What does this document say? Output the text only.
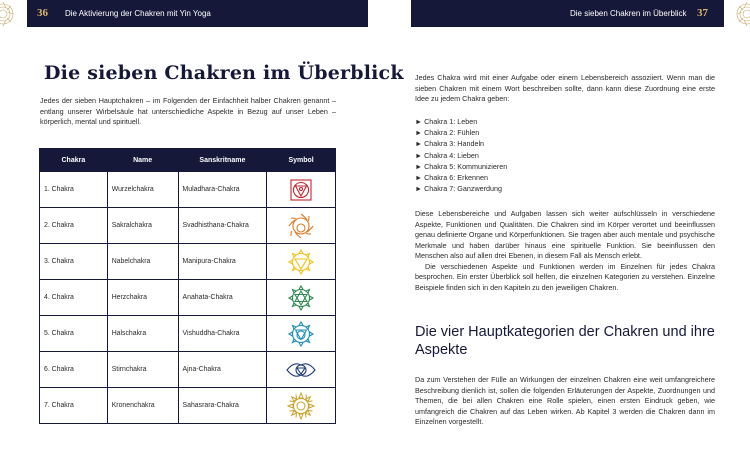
36 Die Aktivierung der Chakren mit Yin Yoga	Die sieben Chakren im Überblick 37
Die sieben Chakren im Überblick

Jedes der sieben Hauptchakren – im Folgenden der Einfachheit halber Chakren genannt – entlang unserer Wirbelsäule hat unterschiedliche Aspekte in Bezug auf unser Leben – körperlich, mental und spirituell.

Chakra	Name	Sanskritname	Symbol
1. Chakra	Wurzelchakra	Muladhara-Chakra	

2. Chakra	Sakralchakra	Svadhisthana-Chakra	

3. Chakra	Nabelchakra	Manipura-Chakra	

4. Chakra	Herzchakra	Anahata-Chakra	

5. Chakra	Halschakra	Vishuddha-Chakra	

6. Chakra	Stirnchakra	Ajna-Chakra	

7. Chakra	Kronenchakra	Sahasrara-Chakra	

Jedes Chakra wird mit einer Aufgabe oder einem Lebensbereich assoziiert. Wenn man die sieben Chakren mit einem Wort beschreiben sollte, dann kann diese Zuordnung eine erste Idee zu jedem Chakra geben:

► Chakra 1: Leben
► Chakra 2: Fühlen
► Chakra 3: Handeln
► Chakra 4: Lieben
► Chakra 5: Kommunizieren
► Chakra 6: Erkennen
► Chakra 7: Ganzwerdung

Diese Lebensbereiche und Aufgaben lassen sich weiter aufschlüsseln in verschiedene Aspekte, Funktionen und Qualitäten. Die Chakren sind im Körper verortet und beeinflussen genau definierte Organe und Körperfunktionen. Sie tragen aber auch mentale und psychische Merkmale und haben darüber hinaus eine spirituelle Funktion. Sie beeinflussen den Menschen also auf allen drei Ebenen, in diesem Fall als Mensch erlebt.

Die verschiedenen Aspekte und Funktionen werden im Einzelnen für jedes Chakra besprochen. Ein erster Überblick soll helfen, die einzelnen Kategorien zu verstehen. Einzelne Beispiele finden sich in den Kapiteln zu den jeweiligen Chakren.

Die vier Hauptkategorien der Chakren und ihre Aspekte

Da zum Verstehen der Fülle an Wirkungen der einzelnen Chakren eine weit umfangreichere Beschreibung dienlich ist, sollen die folgenden Erläuterungen der Aspekte, Zuordnungen und Themen, die bei allen Chakren eine Rolle spielen, einen ersten Eindruck geben, wie umfangreich die Chakren auf das Leben wirken. Ab Kapitel 3 werden die Chakren dann im Einzelnen vorgestellt.
